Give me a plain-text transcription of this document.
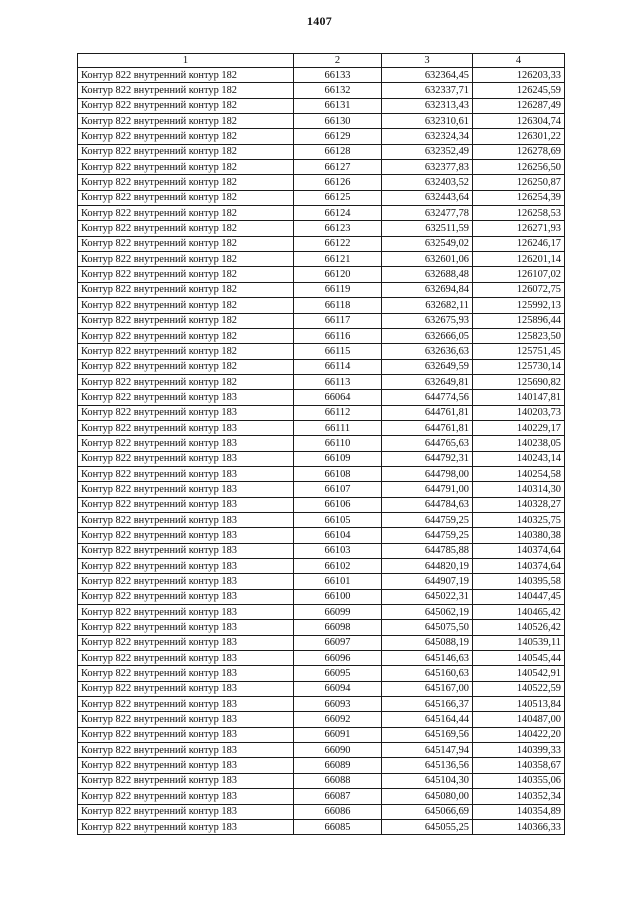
1407
1	2	3	4
Контур 822 внутренний контур 182	66133	632364,45	126203,33
Контур 822 внутренний контур 182	66132	632337,71	126245,59
Контур 822 внутренний контур 182	66131	632313,43	126287,49
Контур 822 внутренний контур 182	66130	632310,61	126304,74
Контур 822 внутренний контур 182	66129	632324,34	126301,22
Контур 822 внутренний контур 182	66128	632352,49	126278,69
Контур 822 внутренний контур 182	66127	632377,83	126256,50
Контур 822 внутренний контур 182	66126	632403,52	126250,87
Контур 822 внутренний контур 182	66125	632443,64	126254,39
Контур 822 внутренний контур 182	66124	632477,78	126258,53
Контур 822 внутренний контур 182	66123	632511,59	126271,93
Контур 822 внутренний контур 182	66122	632549,02	126246,17
Контур 822 внутренний контур 182	66121	632601,06	126201,14
Контур 822 внутренний контур 182	66120	632688,48	126107,02
Контур 822 внутренний контур 182	66119	632694,84	126072,75
Контур 822 внутренний контур 182	66118	632682,11	125992,13
Контур 822 внутренний контур 182	66117	632675,93	125896,44
Контур 822 внутренний контур 182	66116	632666,05	125823,50
Контур 822 внутренний контур 182	66115	632636,63	125751,45
Контур 822 внутренний контур 182	66114	632649,59	125730,14
Контур 822 внутренний контур 182	66113	632649,81	125690,82
Контур 822 внутренний контур 183	66064	644774,56	140147,81
Контур 822 внутренний контур 183	66112	644761,81	140203,73
Контур 822 внутренний контур 183	66111	644761,81	140229,17
Контур 822 внутренний контур 183	66110	644765,63	140238,05
Контур 822 внутренний контур 183	66109	644792,31	140243,14
Контур 822 внутренний контур 183	66108	644798,00	140254,58
Контур 822 внутренний контур 183	66107	644791,00	140314,30
Контур 822 внутренний контур 183	66106	644784,63	140328,27
Контур 822 внутренний контур 183	66105	644759,25	140325,75
Контур 822 внутренний контур 183	66104	644759,25	140380,38
Контур 822 внутренний контур 183	66103	644785,88	140374,64
Контур 822 внутренний контур 183	66102	644820,19	140374,64
Контур 822 внутренний контур 183	66101	644907,19	140395,58
Контур 822 внутренний контур 183	66100	645022,31	140447,45
Контур 822 внутренний контур 183	66099	645062,19	140465,42
Контур 822 внутренний контур 183	66098	645075,50	140526,42
Контур 822 внутренний контур 183	66097	645088,19	140539,11
Контур 822 внутренний контур 183	66096	645146,63	140545,44
Контур 822 внутренний контур 183	66095	645160,63	140542,91
Контур 822 внутренний контур 183	66094	645167,00	140522,59
Контур 822 внутренний контур 183	66093	645166,37	140513,84
Контур 822 внутренний контур 183	66092	645164,44	140487,00
Контур 822 внутренний контур 183	66091	645169,56	140422,20
Контур 822 внутренний контур 183	66090	645147,94	140399,33
Контур 822 внутренний контур 183	66089	645136,56	140358,67
Контур 822 внутренний контур 183	66088	645104,30	140355,06
Контур 822 внутренний контур 183	66087	645080,00	140352,34
Контур 822 внутренний контур 183	66086	645066,69	140354,89
Контур 822 внутренний контур 183	66085	645055,25	140366,33
